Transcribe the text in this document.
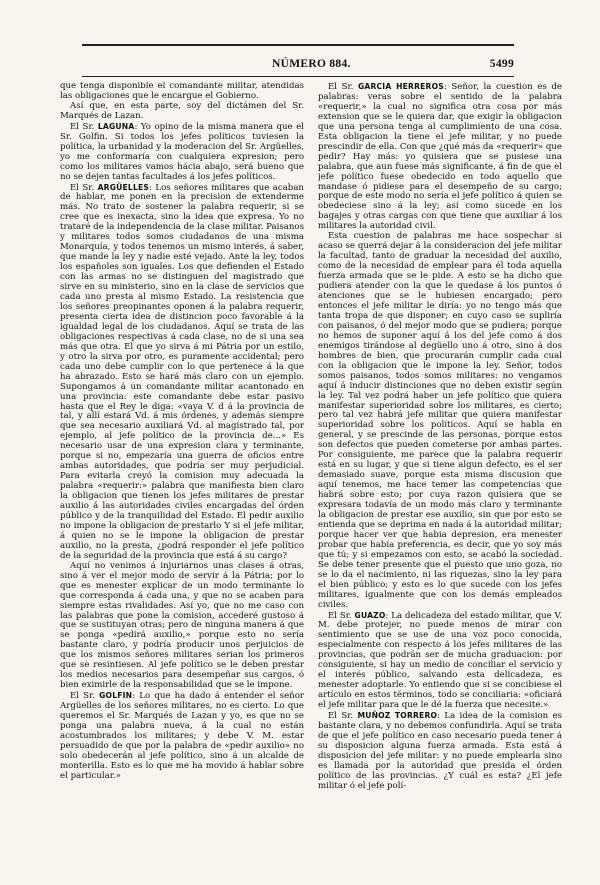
NÚMERO 884.	5499

que tenga disponible el comandante militar, atendidas las obligaciones que le encargue el Gobierno.

Así que, en esta parte, soy del dictámen del Sr. Marqués de Lazan.

El Sr. LAGUNA: Yo opino de la misma manera que el Sr. Golfin. Si todos los jefes políticos tuviesen la política, la urbanidad y la moderacion del Sr. Argüelles, yo me conformaría con cualquiera expresion; pero como los militares vamos hácia abajo, será bueno que no se dejen tantas facultades á los jefes políticos.

El Sr. ARGÜELLES: Los señores militares que acaban de hablar, me ponen en la precision de extenderme más. No trato de sostener la palabra requerir, si se cree que es inexacta, sino la idea que expresa. Yo no trataré de la independencia de la clase militar. Paisanos y militares todos somos ciudadanos de una misma Monarquía, y todos tenemos un mismo interés, á saber, que mande la ley y nadie esté vejado. Ante la ley, todos los españoles son iguales. Los que defienden el Estado con las armas no se distinguen del magistrado que sirve en su ministerio, sino en la clase de servicios que cada uno presta al mismo Estado. La resistencia que los señores preopinantes oponen á la palabra requerir, presenta cierta idea de distincion poco favorable á la igualdad legal de los ciudadanos. Aquí se trata de las obligaciones respectivas á cada clase, no de si una sea más que otra. El que yo sirva á mi Pátria por un estilo, y otro la sirva por otro, es puramente accidental; pero cada uno debe cumplir con lo que pertenece á la que ha abrazado. Esto se hará más claro con un ejemplo. Supongamos á un comandante militar acantonado en una provincia: este comandante debe estar pasivo hasta que el Rey le diga: «vaya V. d á la provincia de tal, y allí estará Vd. á mis órdenes, y además siempre que sea necesario auxiliará Vd. al magistrado tal, por ejemplo, al jefe político de la provincia de...» Es necesario usar de una expresion clara y terminante, porque si no, empezaría una guerra de oficios entre ambas autoridades, que podría ser muy perjudicial. Para evitarla creyó la comision muy adecuada la palabra «requerir:» palabra que manifiesta bien claro la obligacion que tienen los jefes militares de prestar auxilio á las autoridades civiles encargadas del órden público y de la tranquilidad del Estado. El pedir auxilio no impone la obligacion de prestarlo Y si el jefe militar, á quien no se le impone la obligacion de prestar auxilio, no la presta, ¿podrá responder el jefe político de la seguridad de la provincia que está á su cargo?

Aquí no venimos á injuriarnos unas clases á otras, sino á ver el mejor modo de servir á la Pátria; por lo que es menester explicar de un modo terminante lo que corresponda á cada una, y que no se acaben para siempre estas rivalidades. Así yo, que no me caso con las palabras que pone la comision, accederé gustoso á que se sustituyan otras; pero de ninguna manera á que se ponga «pedirá auxilio,» porque esto no sería bastante claro, y podría producir unos perjuicios de que los mismos señores militares serian los primeros que se resintiesen. Al jefe político se le deben prestar los medios necesarios para desempeñar sus cargos, ó bien eximirle de la responsabilidad que se le impone.

El Sr. GOLFIN: Lo que ha dado á entender el señor Argüelles de los señores militares, no es cierto. Lo que queremos el Sr. Marqués de Lazan y yo, es que no se ponga una palabra nueva, á la cual no están acostumbrados los militares; y debe V. M. estar persuadido de que por la palabra de «pedir auxilio» no solo obedecerán al jefe político, sino á un alcalde de monterilla. Esto es lo que me ha movido á hablar sobre el particular.»

El Sr. GARCÍA HERREROS: Señor, la cuestion es de palabras: veras sobre el sentido de la palabra «requerir,» la cual no significa otra cosa por más extension que se le quiera dar, que exigir la obligacion que una persona tenga al cumplimiento de una cosa. Esta obligacion la tiene el jefe militar, y no puede prescindir de ella. Con que ¿qué más da «requerir» que pedir? Hay más: yo quisiera que se pusiese una palabra, que aun fuese más significante, á fin de que el jefe político fuese obedecido en todo aquello que mandase ó pidiese para el desempeño de su cargo; porque de este modo no sería el jefe político á quien se obedeciese sino á la ley; así como sucede en los bagajes y otras cargas con que tiene que auxiliar á los militares la autoridad civil.

Esta cuestion de palabras me hace sospechar si acaso se querrá dejar á la consideracion del jefe militar la facultad, tanto de graduar la necesidad del auxilio, como de la necesidad de emplear para él toda aquella fuerza armada que se le pide. A esto se ha dicho que pudiera atender con la que le quedase á los puntos ó atenciones que se le hubiesen encargado; pero entonces el jefe militar le diría: yo no tengo más que tanta tropa de que disponer; en cuyo caso se supliría con paisanos, ó del mejor modo que se pudiera; porque no hemos de suponer aquí á los del jefe como á dos enemigos tirándose al degüello uno á otro, sino á dos hombres de bien, que procurarán cumplir cada cual con la obligacion que le impone la ley. Señor, todos somos paisanos, todos somos militares: no vengamos aquí á inducir distinciones que no deben existir según la ley. Tal vez podrá haber un jefe político que quiera manifestar superioridad sobre los militares, es cierto; pero tal vez habrá jefe militar que quiera manifestar superioridad sobre los políticos. Aquí se habla en general, y se prescinde de las personas, porque estos son defectos que pueden cometerse por ambas partes. Por consiguiente, me parece que la palabra requerir está en su lugar, y que si tiene algun defecto, es el ser demasiado suave, porque esta misma discusion que aquí tenemos, me hace temer las competencias que habrá sobre esto; por cuya razon quisiera que se expresara todavía de un modo más claro y terminante la obligacion de prestar ese auxilio, sin que por esto se entienda que se deprima en nada á la autoridad militar; porque hacer ver que habia depresion, era menester probar que había preferencia, es decir, que yo soy más que tú; y si empezamos con esto, se acabó la sociedad. Se debe tener presente que el puesto que uno goza, no se lo da el nacimiento, ni las riquezas, sino la ley para el bien público; y esto es lo que sucede con los jefes militares, igualmente que con los demás empleados civiles.

El Sr. GUAZO: La delicadeza del estado militar, que V. M. debe protejer, no puede menos de mirar con sentimiento que se use de una voz poco conocida, especialmente con respecto á los jefes militares de las provincias, que podrán ser de mucha graduacion: por consiguiente, si hay un medio de conciliar el servicio y el interés público, salvando esta delicadeza, es menester adoptarle. Yo entiendo que si se concibiese el artículo en estos términos, todo se conciliaria: «oficiará el jefe militar para que le dé la fuerza que necesite.»

El Sr. MUÑOZ TORRERO: La idea de la comision es bastante clara, y no debemos confundirla. Aquí se trata de que el jefe político en caso necesario pueda tener á su disposicion alguna fuerza armada. Esta está á disposicion del jefe militar: y no puede emplearla sino es llamada por la autoridad que presida el órden político de las provincias. ¿Y cuál es esta? ¿El jefe militar ó el jefe polí-
